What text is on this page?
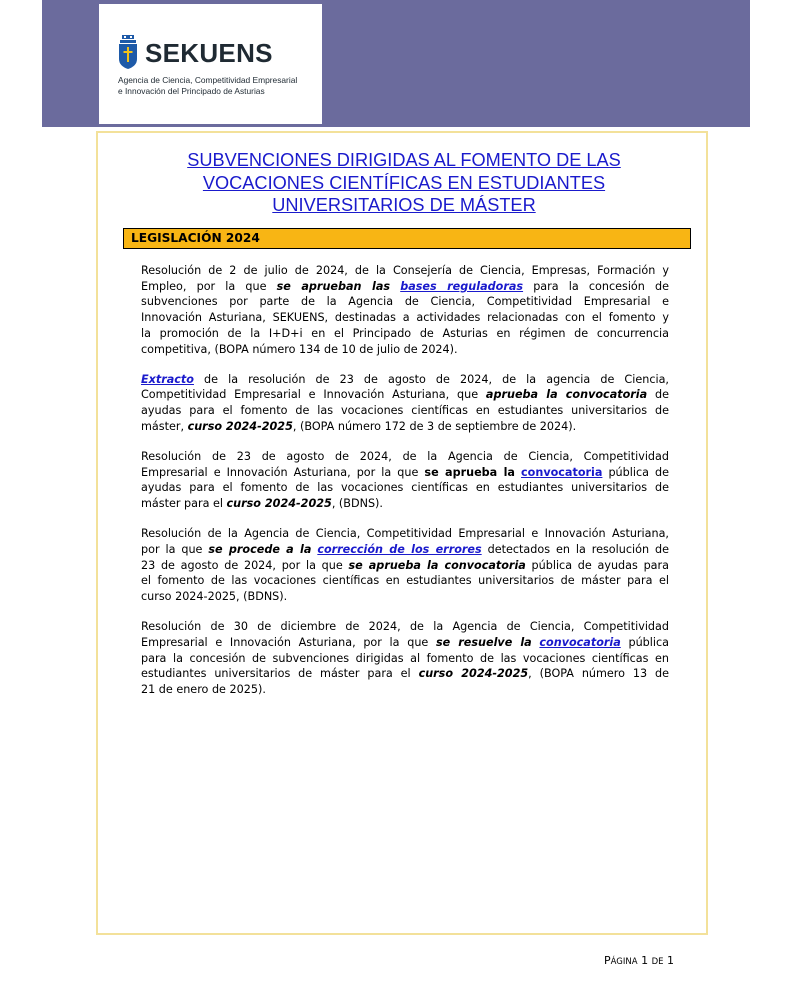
SEKUENS
Agencia de Ciencia, Competitividad Empresarial
e Innovación del Principado de Asturias
SUBVENCIONES DIRIGIDAS AL FOMENTO DE LAS
VOCACIONES CIENTÍFICAS EN ESTUDIANTES
UNIVERSITARIOS DE MÁSTER
LEGISLACIÓN 2024
Resolución de 2 de julio de 2024, de la Consejería de Ciencia, Empresas, Formación y
Empleo, por la que se aprueban las bases reguladoras para la concesión de
subvenciones por parte de la Agencia de Ciencia, Competitividad Empresarial e
Innovación Asturiana, SEKUENS, destinadas a actividades relacionadas con el fomento y
la promoción de la I+D+i en el Principado de Asturias en régimen de concurrencia
competitiva, (BOPA número 134 de 10 de julio de 2024).
Extracto de la resolución de 23 de agosto de 2024, de la agencia de Ciencia,
Competitividad Empresarial e Innovación Asturiana, que aprueba la convocatoria de
ayudas para el fomento de las vocaciones científicas en estudiantes universitarios de
máster, curso 2024-2025, (BOPA número 172 de 3 de septiembre de 2024).
Resolución de 23 de agosto de 2024, de la Agencia de Ciencia, Competitividad
Empresarial e Innovación Asturiana, por la que se aprueba la convocatoria pública de
ayudas para el fomento de las vocaciones científicas en estudiantes universitarios de
máster para el curso 2024-2025, (BDNS).
Resolución de la Agencia de Ciencia, Competitividad Empresarial e Innovación Asturiana,
por la que se procede a la corrección de los errores detectados en la resolución de
23 de agosto de 2024, por la que se aprueba la convocatoria pública de ayudas para
el fomento de las vocaciones científicas en estudiantes universitarios de máster para el
curso 2024-2025, (BDNS).
Resolución de 30 de diciembre de 2024, de la Agencia de Ciencia, Competitividad
Empresarial e Innovación Asturiana, por la que se resuelve la convocatoria pública
para la concesión de subvenciones dirigidas al fomento de las vocaciones científicas en
estudiantes universitarios de máster para el curso 2024-2025, (BOPA número 13 de
21 de enero de 2025).
PÁGINA 1 DE 1
